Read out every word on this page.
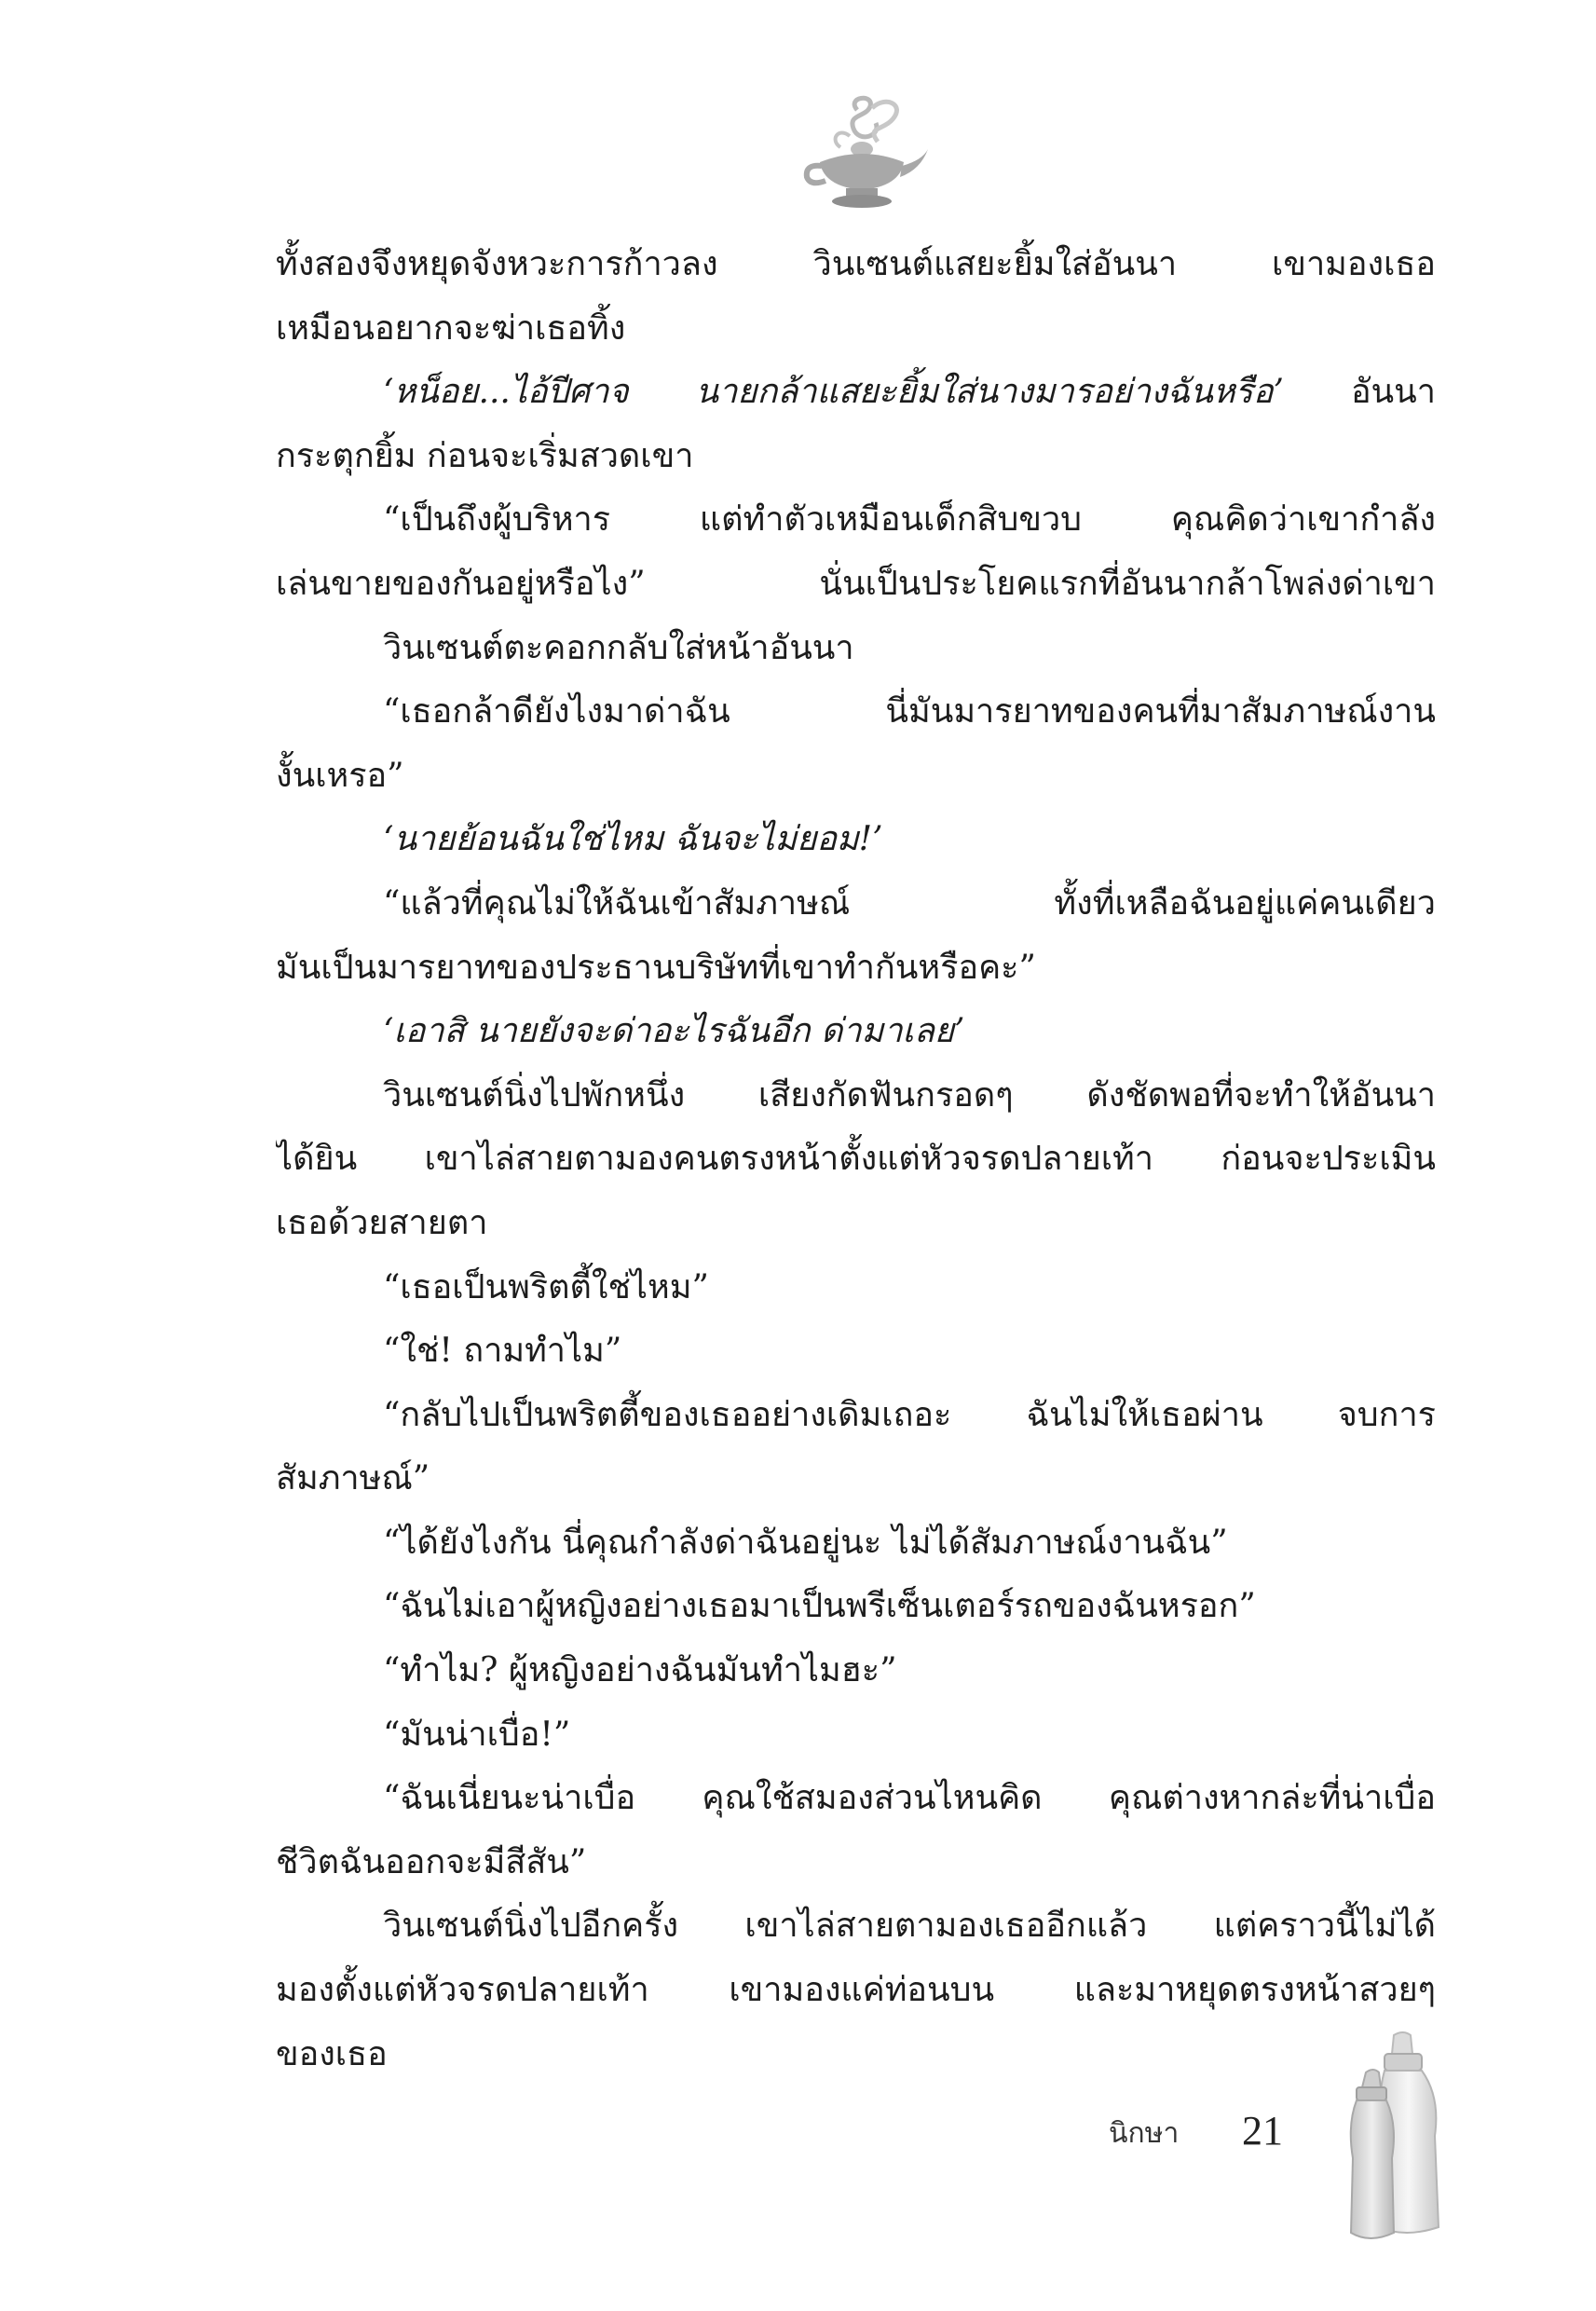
ทั้งสองจึงหยุดจังหวะการก้าวลง วินเซนต์แสยะยิ้มใส่อันนา เขามองเธอ
เหมือนอยากจะฆ่าเธอทิ้ง
‘หน็อย...ไอ้ปีศาจ นายกล้าแสยะยิ้มใส่นางมารอย่างฉันหรือ’ อันนา
กระตุกยิ้ม ก่อนจะเริ่มสวดเขา
“เป็นถึงผู้บริหาร แต่ทำตัวเหมือนเด็กสิบขวบ คุณคิดว่าเขากำลัง
เล่นขายของกันอยู่หรือไง” นั่นเป็นประโยคแรกที่อันนากล้าโพล่งด่าเขา
วินเซนต์ตะคอกกลับใส่หน้าอันนา
“เธอกล้าดียังไงมาด่าฉัน นี่มันมารยาทของคนที่มาสัมภาษณ์งาน
งั้นเหรอ”
‘นายย้อนฉันใช่ไหม ฉันจะไม่ยอม!’
“แล้วที่คุณไม่ให้ฉันเข้าสัมภาษณ์ ทั้งที่เหลือฉันอยู่แค่คนเดียว
มันเป็นมารยาทของประธานบริษัทที่เขาทำกันหรือคะ”
‘เอาสิ นายยังจะด่าอะไรฉันอีก ด่ามาเลย’
วินเซนต์นิ่งไปพักหนึ่ง เสียงกัดฟันกรอดๆ ดังชัดพอที่จะทำให้อันนา
ได้ยิน เขาไล่สายตามองคนตรงหน้าตั้งแต่หัวจรดปลายเท้า ก่อนจะประเมิน
เธอด้วยสายตา
“เธอเป็นพริตตี้ใช่ไหม”
“ใช่! ถามทำไม”
“กลับไปเป็นพริตตี้ของเธออย่างเดิมเถอะ ฉันไม่ให้เธอผ่าน จบการ
สัมภาษณ์”
“ได้ยังไงกัน นี่คุณกำลังด่าฉันอยู่นะ ไม่ได้สัมภาษณ์งานฉัน”
“ฉันไม่เอาผู้หญิงอย่างเธอมาเป็นพรีเซ็นเตอร์รถของฉันหรอก”
“ทำไม? ผู้หญิงอย่างฉันมันทำไมฮะ”
“มันน่าเบื่อ!”
“ฉันเนี่ยนะน่าเบื่อ คุณใช้สมองส่วนไหนคิด คุณต่างหากล่ะที่น่าเบื่อ
ชีวิตฉันออกจะมีสีสัน”
วินเซนต์นิ่งไปอีกครั้ง เขาไล่สายตามองเธออีกแล้ว แต่คราวนี้ไม่ได้
มองตั้งแต่หัวจรดปลายเท้า เขามองแค่ท่อนบน และมาหยุดตรงหน้าสวยๆ
ของเธอ
นิกษา 21
